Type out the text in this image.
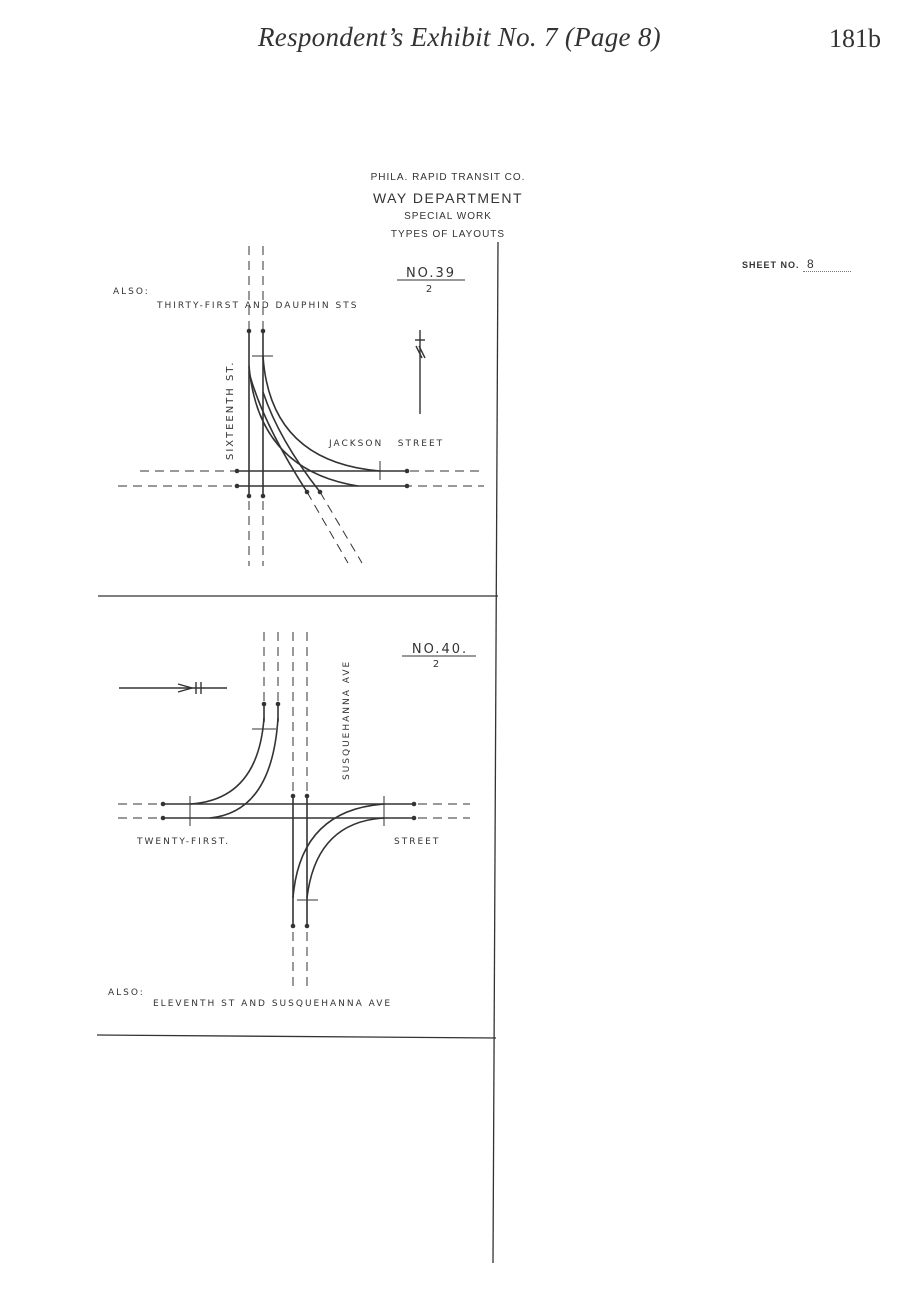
Respondent’s Exhibit No. 7 (Page 8)	181b
PHILA. RAPID TRANSIT CO.
WAY DEPARTMENT
SPECIAL WORK
TYPES OF LAYOUTS
SHEET NO. 8
NO.39
2
ALSO:
THIRTY-FIRST AND DAUPHIN STS
SIXTEENTH ST.	JACKSON   STREET
NO.40.
2
SUSQUEHANNA AVE
TWENTY-FIRST.	STREET
ALSO:
ELEVENTH ST AND SUSQUEHANNA AVE
